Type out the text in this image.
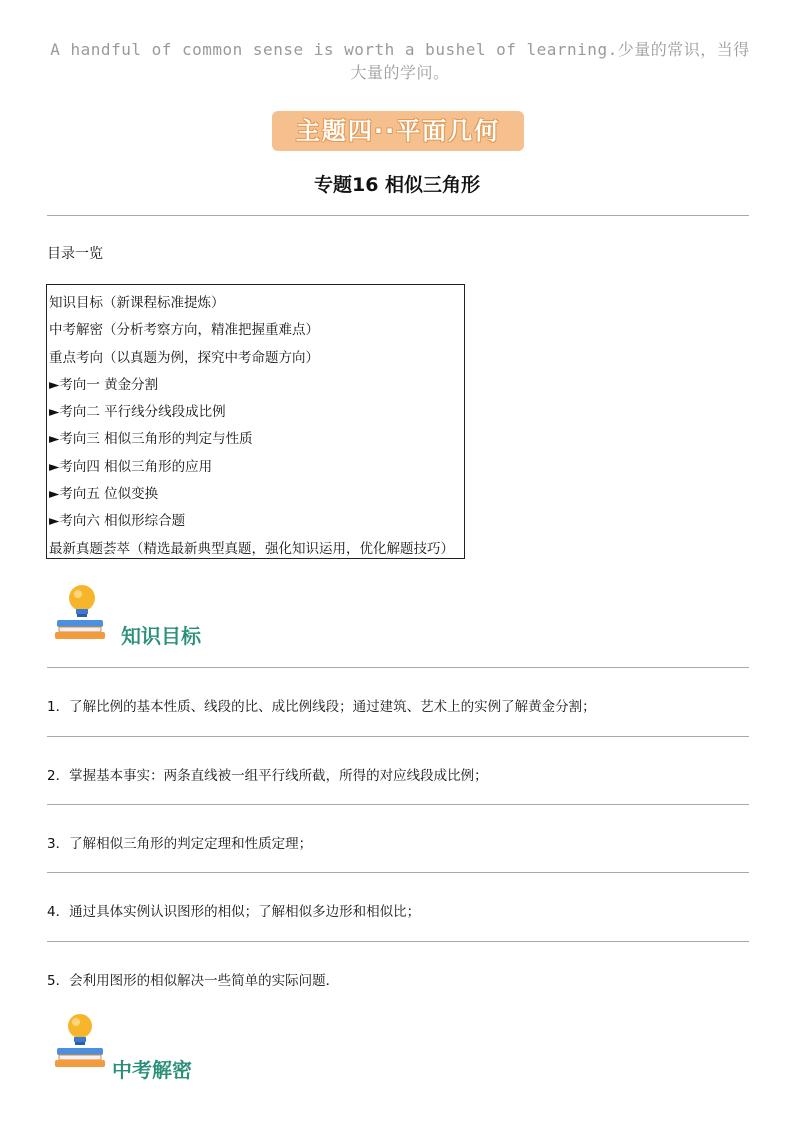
A handful of common sense is worth a bushel of learning.少量的常识，当得
大量的学问。
主题四··平面几何
专题16 相似三角形
目录一览
知识目标（新课程标准提炼）
中考解密（分析考察方向，精准把握重难点）
重点考向（以真题为例，探究中考命题方向）
►考向一 黄金分割
►考向二 平行线分线段成比例
►考向三 相似三角形的判定与性质
►考向四 相似三角形的应用
►考向五 位似变换
►考向六 相似形综合题
最新真题荟萃（精选最新典型真题，强化知识运用，优化解题技巧）
知识目标
1．了解比例的基本性质、线段的比、成比例线段；通过建筑、艺术上的实例了解黄金分割；
2．掌握基本事实：两条直线被一组平行线所截，所得的对应线段成比例；
3．了解相似三角形的判定定理和性质定理；
4．通过具体实例认识图形的相似；了解相似多边形和相似比；
5．会利用图形的相似解决一些简单的实际问题．
中考解密
